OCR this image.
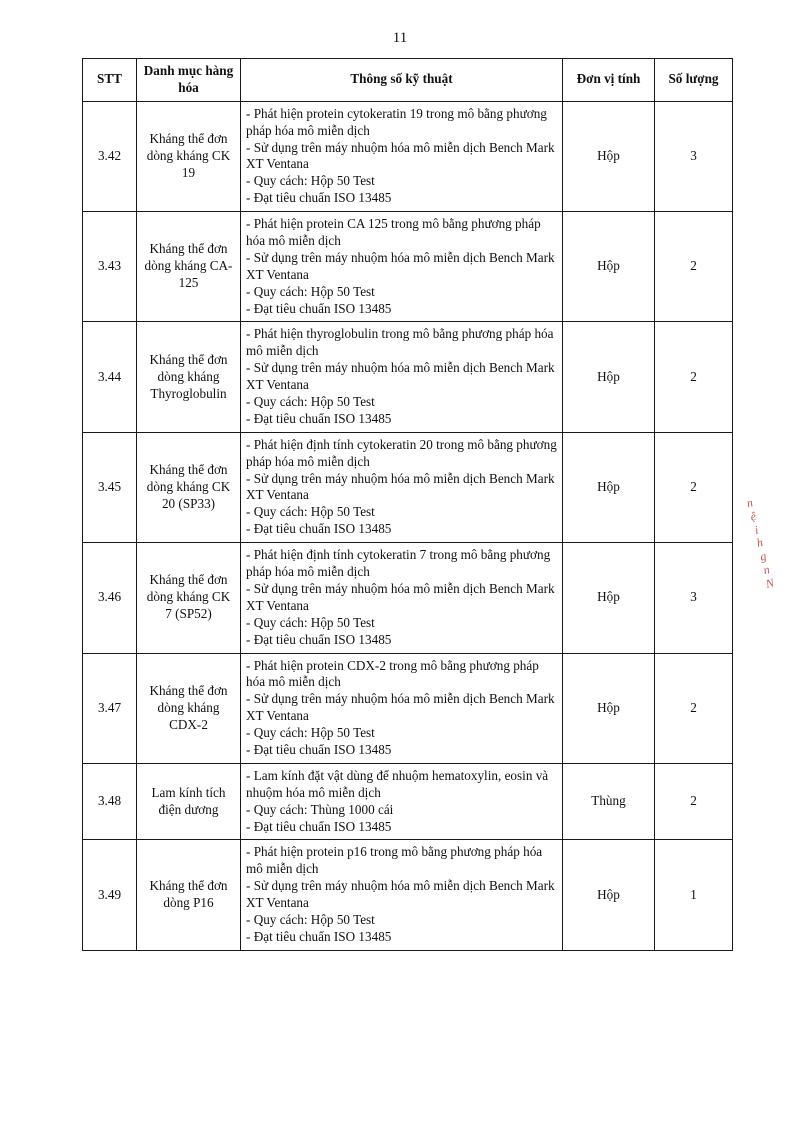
11
STT	Danh mục hàng hóa	Thông số kỹ thuật	Đơn vị tính	Số lượng
3.42	Kháng thể đơn dòng kháng CK 19	- Phát hiện protein cytokeratin 19 trong mô bằng phương pháp hóa mô miễn dịch
- Sử dụng trên máy nhuộm hóa mô miễn dịch Bench Mark XT Ventana
- Quy cách: Hộp 50 Test
- Đạt tiêu chuẩn ISO 13485	Hộp	3
3.43	Kháng thể đơn dòng kháng CA-125	- Phát hiện protein CA 125 trong mô bằng phương pháp hóa mô miễn dịch
- Sử dụng trên máy nhuộm hóa mô miễn dịch Bench Mark XT Ventana
- Quy cách: Hộp 50 Test
- Đạt tiêu chuẩn ISO 13485	Hộp	2
3.44	Kháng thể đơn dòng kháng Thyroglobulin	- Phát hiện thyroglobulin trong mô bằng phương pháp hóa mô miễn dịch
- Sử dụng trên máy nhuộm hóa mô miễn dịch Bench Mark XT Ventana
- Quy cách: Hộp 50 Test
- Đạt tiêu chuẩn ISO 13485	Hộp	2
3.45	Kháng thể đơn dòng kháng CK 20 (SP33)	- Phát hiện định tính cytokeratin 20 trong mô bằng phương pháp hóa mô miễn dịch
- Sử dụng trên máy nhuộm hóa mô miễn dịch Bench Mark XT Ventana
- Quy cách: Hộp 50 Test
- Đạt tiêu chuẩn ISO 13485	Hộp	2
3.46	Kháng thể đơn dòng kháng CK 7 (SP52)	- Phát hiện định tính cytokeratin 7 trong mô bằng phương pháp hóa mô miễn dịch
- Sử dụng trên máy nhuộm hóa mô miễn dịch Bench Mark XT Ventana
- Quy cách: Hộp 50 Test
- Đạt tiêu chuẩn ISO 13485	Hộp	3
3.47	Kháng thể đơn dòng kháng CDX-2	- Phát hiện protein CDX-2 trong mô bằng phương pháp hóa mô miễn dịch
- Sử dụng trên máy nhuộm hóa mô miễn dịch Bench Mark XT Ventana
- Quy cách: Hộp 50 Test
- Đạt tiêu chuẩn ISO 13485	Hộp	2
3.48	Lam kính tích điện dương	- Lam kính đặt vật dùng để nhuộm hematoxylin, eosin và nhuộm hóa mô miễn dịch
- Quy cách: Thùng 1000 cái
- Đạt tiêu chuẩn ISO 13485	Thùng	2
3.49	Kháng thể đơn dòng P16	- Phát hiện protein p16 trong mô bằng phương pháp hóa mô miễn dịch
- Sử dụng trên máy nhuộm hóa mô miễn dịch Bench Mark XT Ventana
- Quy cách: Hộp 50 Test
- Đạt tiêu chuẩn ISO 13485	Hộp	1
n
ệ
i
h
g
n
N
